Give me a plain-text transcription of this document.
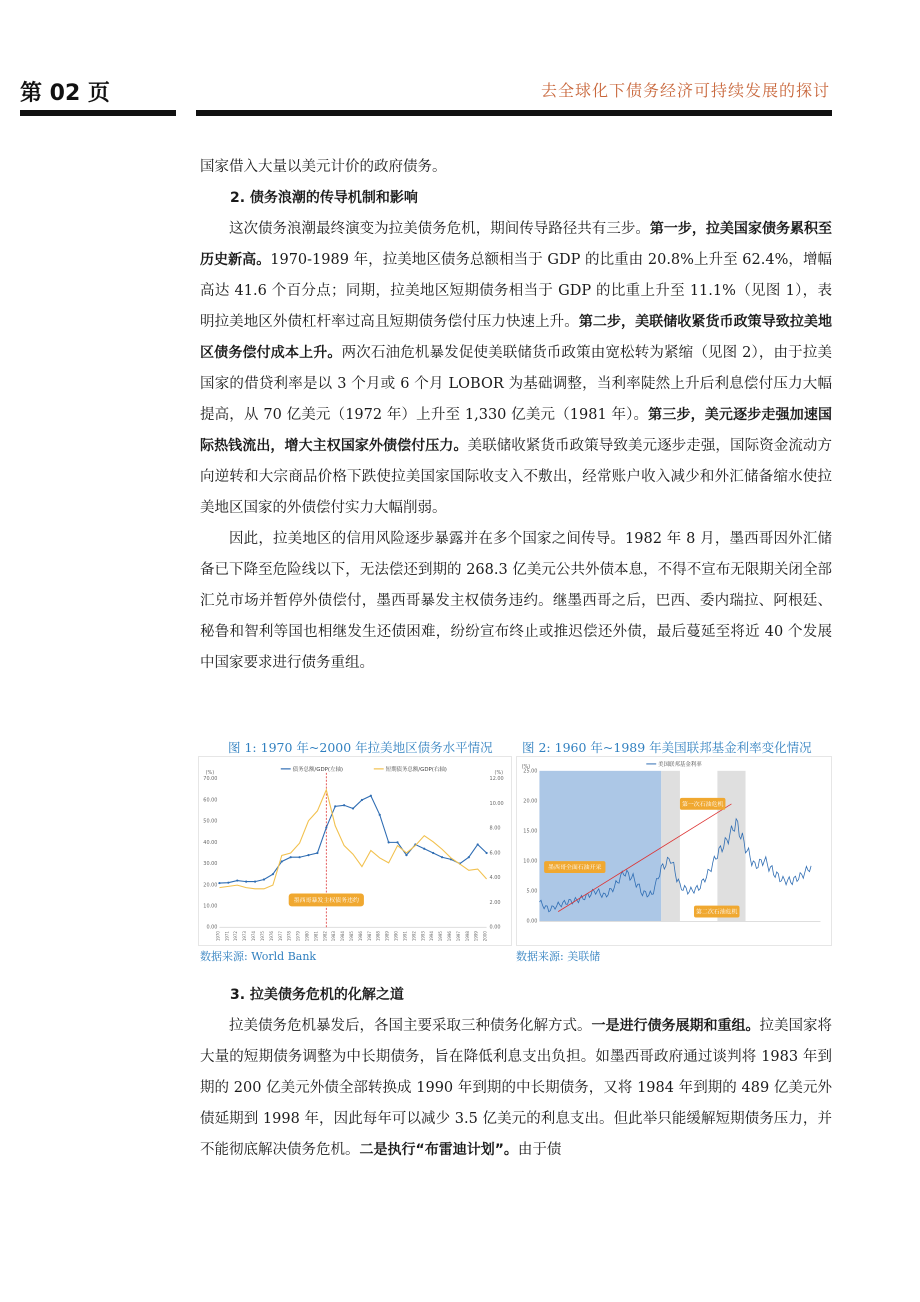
第 02 页	去全球化下债务经济可持续发展的探讨
国家借入大量以美元计价的政府债务。
2. 债务浪潮的传导机制和影响
这次债务浪潮最终演变为拉美债务危机，期间传导路径共有三步。第一步，拉美国家债务累积至历史新高。1970-1989 年，拉美地区债务总额相当于 GDP 的比重由 20.8%上升至 62.4%，增幅高达 41.6 个百分点；同期，拉美地区短期债务相当于 GDP 的比重上升至 11.1%（见图 1），表明拉美地区外债杠杆率过高且短期债务偿付压力快速上升。第二步，美联储收紧货币政策导致拉美地区债务偿付成本上升。两次石油危机暴发促使美联储货币政策由宽松转为紧缩（见图 2），由于拉美国家的借贷利率是以 3 个月或 6 个月 LOBOR 为基础调整，当利率陡然上升后利息偿付压力大幅提高，从 70 亿美元（1972 年）上升至 1,330 亿美元（1981 年）。第三步，美元逐步走强加速国际热钱流出，增大主权国家外债偿付压力。美联储收紧货币政策导致美元逐步走强，国际资金流动方向逆转和大宗商品价格下跌使拉美国家国际收支入不敷出，经常账户收入减少和外汇储备缩水使拉美地区国家的外债偿付实力大幅削弱。
因此，拉美地区的信用风险逐步暴露并在多个国家之间传导。1982 年 8 月，墨西哥因外汇储备已下降至危险线以下，无法偿还到期的 268.3 亿美元公共外债本息，不得不宣布无限期关闭全部汇兑市场并暂停外债偿付，墨西哥暴发主权债务违约。继墨西哥之后，巴西、委内瑞拉、阿根廷、秘鲁和智利等国也相继发生还债困难，纷纷宣布终止或推迟偿还外债，最后蔓延至将近 40 个发展中国家要求进行债务重组。
图 1: 1970 年~2000 年拉美地区债务水平情况 图 2: 1960 年~1989 年美国联邦基金利率变化情况
(%)	(%)
0.00
10.00
20.00
30.00
40.00
50.00
60.00
70.00
0.00
2.00
4.00
6.00
8.00
10.00
12.00
1970 1971 1972 1973 1974 1975 1976 1977 1978 1979 1980 1981 1982 1983 1984 1985 1986 1987 1988 1989 1990 1991 1992 1993 1994 1995 1996 1997 1998 1999 2000
债务总额/GDP(左轴)	短期债务总额/GDP(右轴)
墨西哥暴发主权债务违约
(%)	美国联邦基金利率
0.00
5.00
10.00
15.00
20.00
25.00
墨西哥全面石油开采
第一次石油危机
第二次石油危机
数据来源: World Bank	数据来源: 美联储
3. 拉美债务危机的化解之道
拉美债务危机暴发后，各国主要采取三种债务化解方式。一是进行债务展期和重组。拉美国家将大量的短期债务调整为中长期债务，旨在降低利息支出负担。如墨西哥政府通过谈判将 1983 年到期的 200 亿美元外债全部转换成 1990 年到期的中长期债务，又将 1984 年到期的 489 亿美元外债延期到 1998 年，因此每年可以减少 3.5 亿美元的利息支出。但此举只能缓解短期债务压力，并不能彻底解决债务危机。二是执行“布雷迪计划”。由于债
